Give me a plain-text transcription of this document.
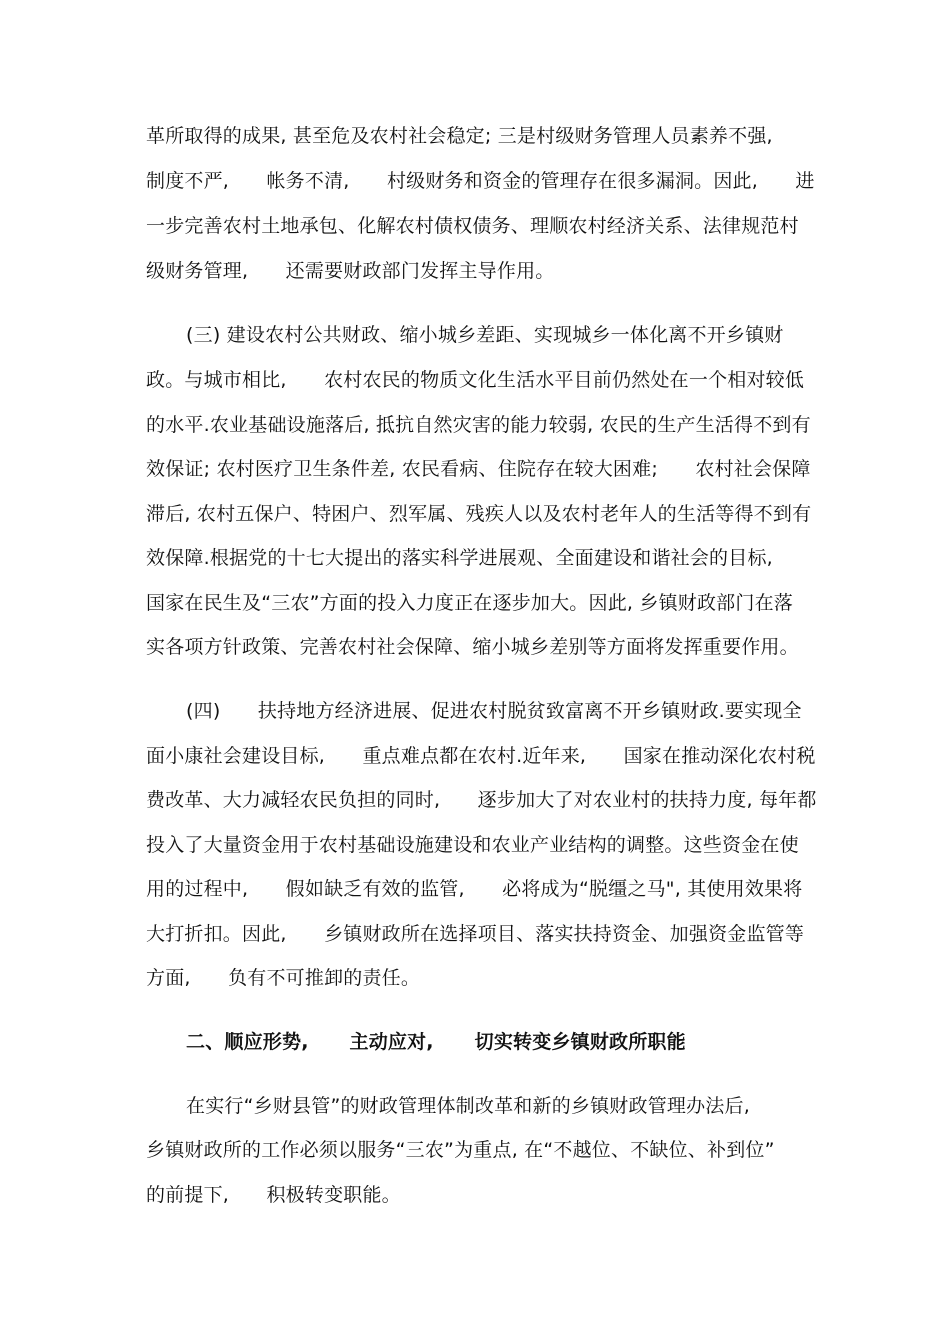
革所取得的成果, 甚至危及农村社会稳定; 三是村级财务管理人员素养不强,
制度不严,      帐务不清,      村级财务和资金的管理存在很多漏洞。因此,      进
一步完善农村土地承包、化解农村债权债务、理顺农村经济关系、法律规范村
级财务管理,      还需要财政部门发挥主导作用。
(三) 建设农村公共财政、缩小城乡差距、实现城乡一体化离不开乡镇财
政。与城市相比,      农村农民的物质文化生活水平目前仍然处在一个相对较低
的水平.农业基础设施落后, 抵抗自然灾害的能力较弱, 农民的生产生活得不到有
效保证; 农村医疗卫生条件差, 农民看病、住院存在较大困难;      农村社会保障
滞后, 农村五保户、特困户、烈军属、残疾人以及农村老年人的生活等得不到有
效保障.根据党的十七大提出的落实科学进展观、全面建设和谐社会的目标,
国家在民生及“三农”方面的投入力度正在逐步加大。因此, 乡镇财政部门在落
实各项方针政策、完善农村社会保障、缩小城乡差别等方面将发挥重要作用。
(四)      扶持地方经济进展、促进农村脱贫致富离不开乡镇财政.要实现全
面小康社会建设目标,      重点难点都在农村.近年来,      国家在推动深化农村税
费改革、大力减轻农民负担的同时,      逐步加大了对农业村的扶持力度, 每年都
投入了大量资金用于农村基础设施建设和农业产业结构的调整。这些资金在使
用的过程中,      假如缺乏有效的监管,      必将成为“脱缰之马", 其使用效果将
大打折扣。因此,      乡镇财政所在选择项目、落实扶持资金、加强资金监管等
方面,      负有不可推卸的责任。
二、顺应形势,      主动应对,      切实转变乡镇财政所职能
在实行“乡财县管”的财政管理体制改革和新的乡镇财政管理办法后,
乡镇财政所的工作必须以服务“三农”为重点, 在“不越位、不缺位、补到位”
的前提下,      积极转变职能。
